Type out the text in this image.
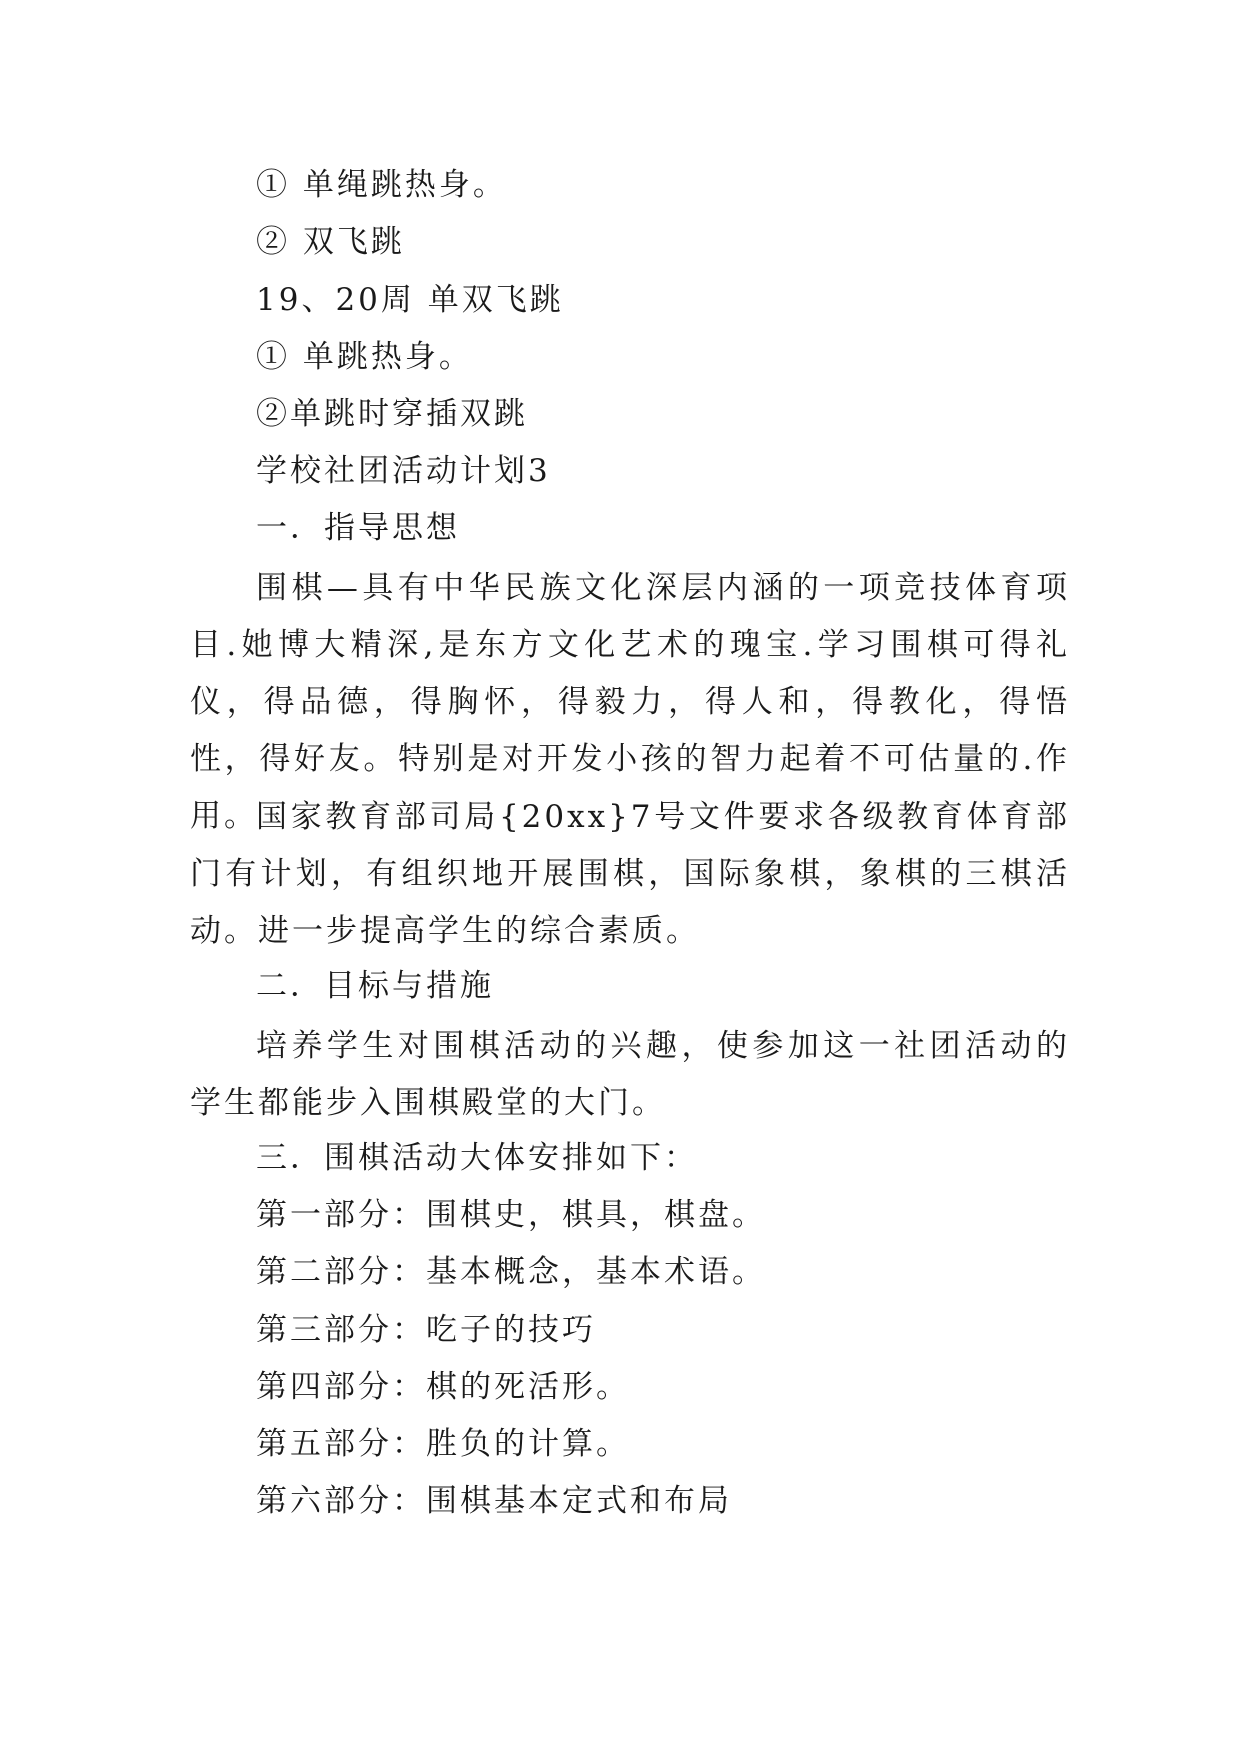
① 单绳跳热身。
② 双飞跳
19、20周 单双飞跳
① 单跳热身。
②单跳时穿插双跳
学校社团活动计划3
一．指导思想

围棋—具有中华民族文化深层内涵的一项竞技体育项目.她博大精深,是东方文化艺术的瑰宝.学习围棋可得礼仪，得品德，得胸怀，得毅力，得人和，得教化，得悟性，得好友。特别是对开发小孩的智力起着不可估量的.作用。

国家教育部司局{20xx}7号文件要求各级教育体育部门有计划，有组织地开展围棋，国际象棋，象棋的三棋活动。进一步提高学生的综合素质。

二．目标与措施

培养学生对围棋活动的兴趣，使参加这一社团活动的学生都能步入围棋殿堂的大门。

三．围棋活动大体安排如下：
第一部分：围棋史，棋具，棋盘。
第二部分：基本概念，基本术语。
第三部分：吃子的技巧
第四部分：棋的死活形。
第五部分：胜负的计算。
第六部分：围棋基本定式和布局
